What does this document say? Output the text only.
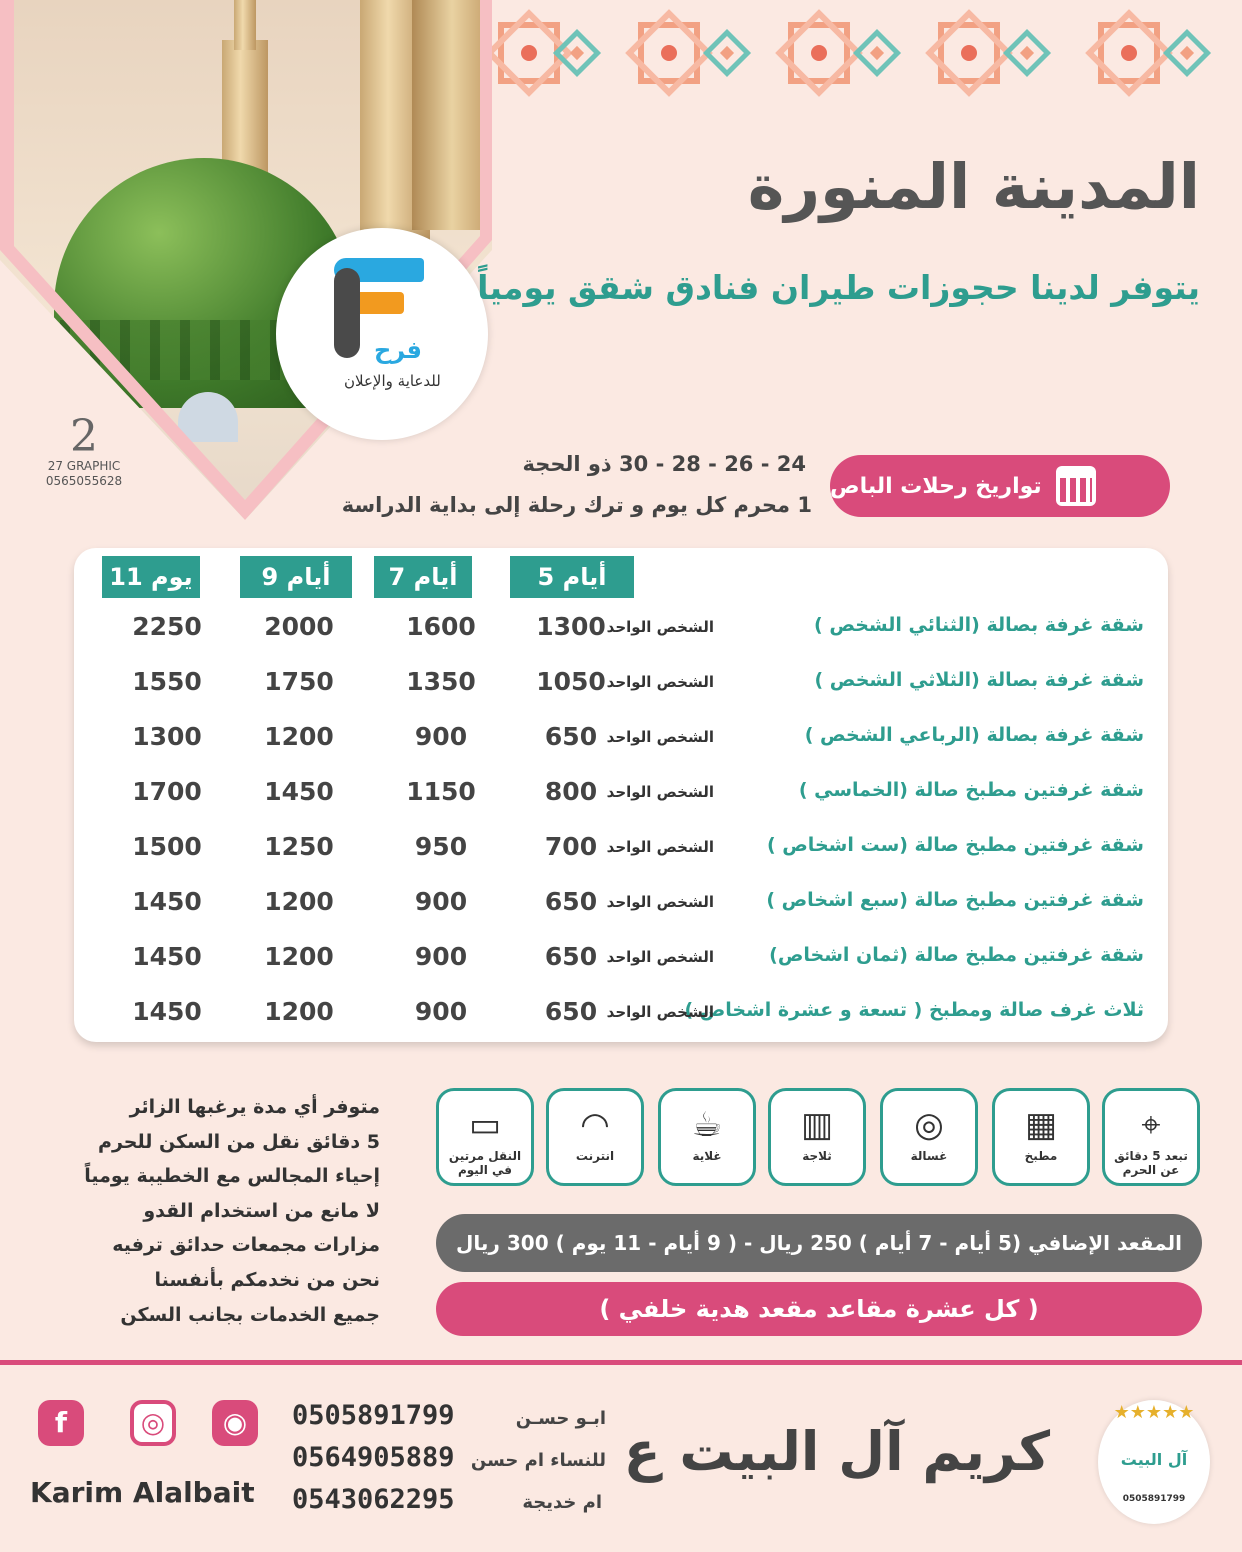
فرح
للدعاية والإعلان
2
27 GRAPHIC
0565055628
المدينة المنورة
يتوفر لدينا حجوزات طيران فنادق شقق يومياً
تواريخ رحلات الباص
24 - 26 - 28 - 30 ذو الحجة
1 محرم كل يوم و ترك رحلة إلى بداية الدراسة
5 أيام
7 أيام
9 أيام
11 يوم
شقة غرفة بصالة (الثنائي الشخص )
الشخص الواحد
1300
1600
2000
2250
شقة غرفة بصالة (الثلاثي الشخص )
الشخص الواحد
1050
1350
1750
1550
شقة غرفة بصالة (الرباعي الشخص )
الشخص الواحد
650
900
1200
1300
شقة غرفتين مطبخ صالة (الخماسي )
الشخص الواحد
800
1150
1450
1700
شقة غرفتين مطبخ صالة (ست اشخاص )
الشخص الواحد
700
950
1250
1500
شقة غرفتين مطبخ صالة (سبع اشخاص )
الشخص الواحد
650
900
1200
1450
شقة غرفتين مطبخ صالة (ثمان اشخاص)
الشخص الواحد
650
900
1200
1450
ثلاث غرف صالة ومطبخ ( تسعة و عشرة اشخاص )
الشخص الواحد
650
900
1200
1450
⌖
تبعد 5 دقائق عن الحرم
▦
مطبخ
◎
غسالة
▥
ثلاجة
☕
غلاية
◠
انترنت
▭
النقل مرتين في اليوم
متوفر أي مدة يرغبها الزائر
5 دقائق نقل من السكن للحرم
إحياء المجالس مع الخطيبة يومياً
لا مانع من استخدام القدو
مزارات مجمعات حدائق ترفيه
نحن من نخدمكم بأنفسنا
جميع الخدمات بجانب السكن
المقعد الإضافي (5 أيام - 7 أيام ) 250 ريال - ( 9 أيام - 11 يوم ) 300 ريال
( كل عشرة مقاعد مقعد هدية خلفي )
★★★★★
آل البيت
0505891799
كريم آل البيت ع
ابـو حسـن
0505891799
للنساء ام حسن
0564905889
ام خديجة
0543062295
◉
◎
f
Karim Alalbait
